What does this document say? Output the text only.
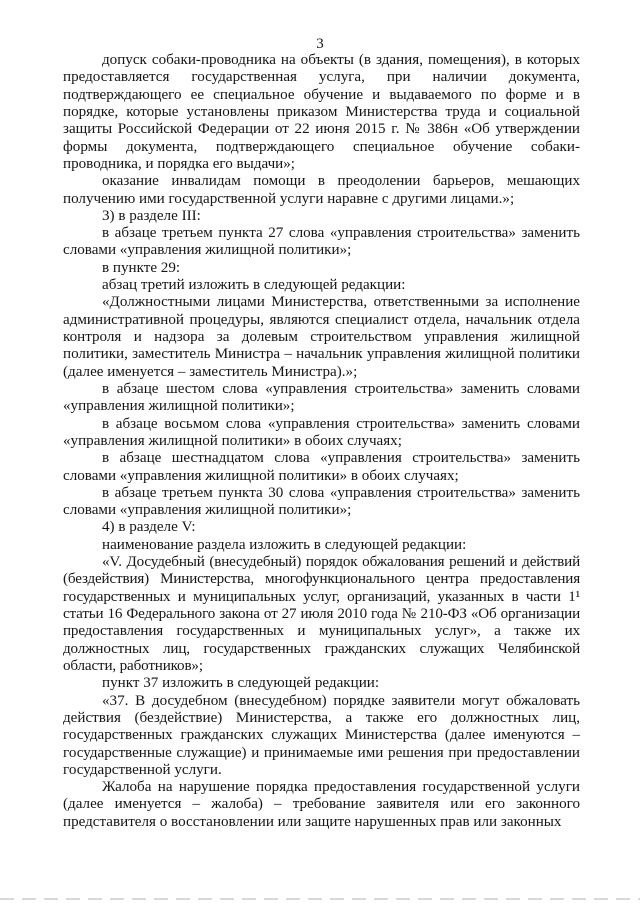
3

допуск собаки-проводника на объекты (в здания, помещения), в которых предоставляется государственная услуга, при наличии документа, подтверждающего ее специальное обучение и выдаваемого по форме и в порядке, которые установлены приказом Министерства труда и социальной защиты Российской Федерации от 22 июня 2015 г. № 386н «Об утверждении формы документа, подтверждающего специальное обучение собаки-проводника, и порядка его выдачи»;

оказание инвалидам помощи в преодолении барьеров, мешающих получению ими государственной услуги наравне с другими лицами.»;

3) в разделе III:

в абзаце третьем пункта 27 слова «управления строительства» заменить словами «управления жилищной политики»;

в пункте 29:

абзац третий изложить в следующей редакции:

«Должностными лицами Министерства, ответственными за исполнение административной процедуры, являются специалист отдела, начальник отдела контроля и надзора за долевым строительством управления жилищной политики, заместитель Министра – начальник управления жилищной политики (далее именуется – заместитель Министра).»;

в абзаце шестом слова «управления строительства» заменить словами «управления жилищной политики»;

в абзаце восьмом слова «управления строительства» заменить словами «управления жилищной политики» в обоих случаях;

в абзаце шестнадцатом слова «управления строительства» заменить словами «управления жилищной политики» в обоих случаях;

в абзаце третьем пункта 30 слова «управления строительства» заменить словами «управления жилищной политики»;

4) в разделе V:

наименование раздела изложить в следующей редакции:

«V. Досудебный (внесудебный) порядок обжалования решений и действий (бездействия) Министерства, многофункционального центра предоставления государственных и муниципальных услуг, организаций, указанных в части 1¹ статьи 16 Федерального закона от 27 июля 2010 года № 210-ФЗ «Об организации предоставления государственных и муниципальных услуг», а также их должностных лиц, государственных гражданских служащих Челябинской области, работников»;

пункт 37 изложить в следующей редакции:

«37. В досудебном (внесудебном) порядке заявители могут обжаловать действия (бездействие) Министерства, а также его должностных лиц, государственных гражданских служащих Министерства (далее именуются – государственные служащие) и принимаемые ими решения при предоставлении государственной услуги.

Жалоба на нарушение порядка предоставления государственной услуги (далее именуется – жалоба) – требование заявителя или его законного представителя о восстановлении или защите нарушенных прав или законных
